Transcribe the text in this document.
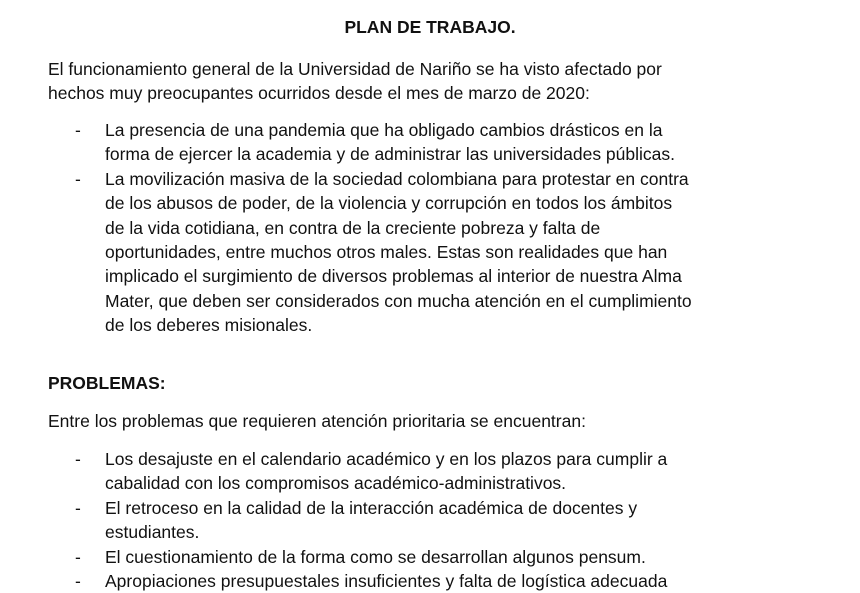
PLAN DE TRABAJO.
El funcionamiento general de la Universidad de Nariño se ha visto afectado por
hechos muy preocupantes ocurridos desde el mes de marzo de 2020:
- La presencia de una pandemia que ha obligado cambios drásticos en la
forma de ejercer la academia y de administrar las universidades públicas.
- La movilización masiva de la sociedad colombiana para protestar en contra
de los abusos de poder, de la violencia y corrupción en todos los ámbitos
de la vida cotidiana, en contra de la creciente pobreza y falta de
oportunidades, entre muchos otros males. Estas son realidades que han
implicado el surgimiento de diversos problemas al interior de nuestra Alma
Mater, que deben ser considerados con mucha atención en el cumplimiento
de los deberes misionales.
PROBLEMAS:

Entre los problemas que requieren atención prioritaria se encuentran:

- Los desajuste en el calendario académico y en los plazos para cumplir a
cabalidad con los compromisos académico-administrativos.
- El retroceso en la calidad de la interacción académica de docentes y
estudiantes.
- El cuestionamiento de la forma como se desarrollan algunos pensum.
- Apropiaciones presupuestales insuficientes y falta de logística adecuada
